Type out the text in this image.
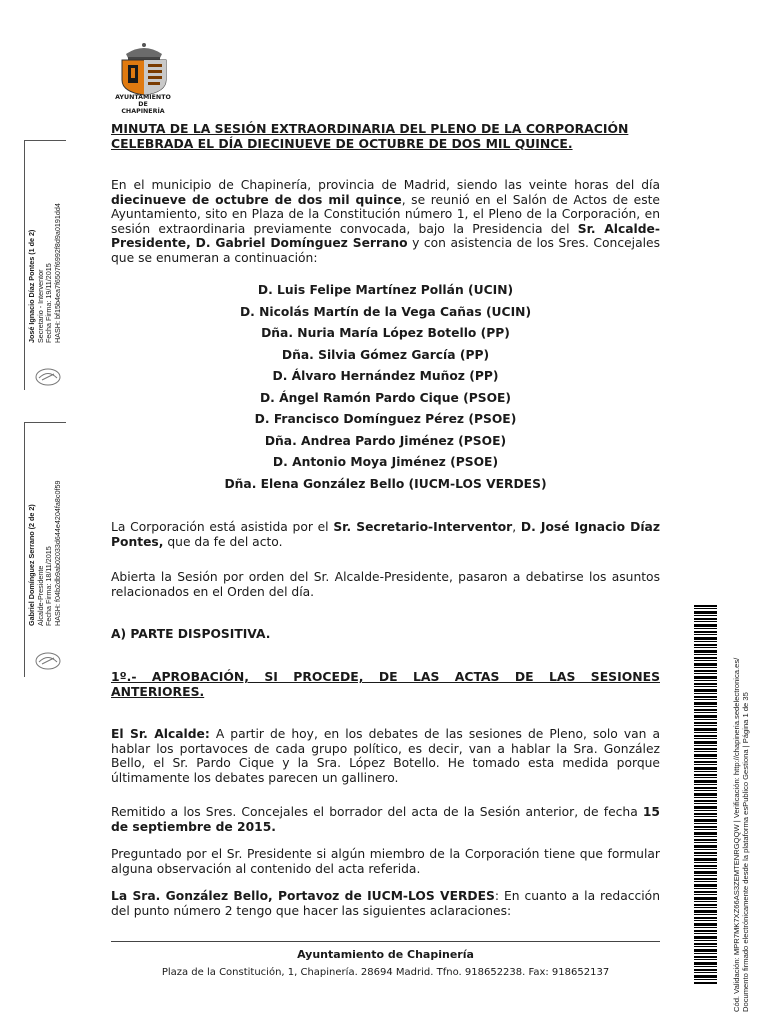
AYUNTAMIENTO
DE
CHAPINERÍA
José Ignacio Díaz Pontes (1 de 2) Secretario - Interventor Fecha Firma: 19/11/2015 HASH: bf15b4ea7f6507f6992f8d9a0191dd4
Gabriel Domínguez Serrano (2 de 2) Alcalde-Presidente Fecha Firma: 18/11/2015 HASH: f04b2db9ab02033d644e4204fa8c0f59

MINUTA DE LA SESIÓN EXTRAORDINARIA DEL PLENO DE LA CORPORACIÓN

CELEBRADA EL DÍA DIECINUEVE DE OCTUBRE DE DOS MIL QUINCE.

En el municipio de Chapinería, provincia de Madrid, siendo las veinte horas del día diecinueve de octubre de dos mil quince, se reunió en el Salón de Actos de este Ayuntamiento, sito en Plaza de la Constitución número 1, el Pleno de la Corporación, en sesión extraordinaria previamente convocada, bajo la Presidencia del Sr. Alcalde-Presidente, D. Gabriel Domínguez Serrano y con asistencia de los Sres. Concejales que se enumeran a continuación:

D. Luis Felipe Martínez Pollán (UCIN)
D. Nicolás Martín de la Vega Cañas (UCIN)
Dña. Nuria María López Botello (PP)
Dña. Silvia Gómez García (PP)
D. Álvaro Hernández Muñoz (PP)
D. Ángel Ramón Pardo Cique (PSOE)
D. Francisco Domínguez Pérez (PSOE)
Dña. Andrea Pardo Jiménez (PSOE)
D. Antonio Moya Jiménez (PSOE)
Dña. Elena González Bello (IUCM-LOS VERDES)

La Corporación está asistida por el Sr. Secretario-Interventor, D. José Ignacio Díaz Pontes, que da fe del acto.

Abierta la Sesión por orden del Sr. Alcalde-Presidente, pasaron a debatirse los asuntos relacionados en el Orden del día.

A) PARTE DISPOSITIVA.

1º.- APROBACIÓN, SI PROCEDE, DE LAS ACTAS DE LAS SESIONES

ANTERIORES.

El Sr. Alcalde: A partir de hoy, en los debates de las sesiones de Pleno, solo van a hablar los portavoces de cada grupo político, es decir, van a hablar la Sra. González Bello, el Sr. Pardo Cique y la Sra. López Botello. He tomado esta medida porque últimamente los debates parecen un gallinero.

Remitido a los Sres. Concejales el borrador del acta de la Sesión anterior, de fecha 15 de septiembre de 2015.

Preguntado por el Sr. Presidente si algún miembro de la Corporación tiene que formular alguna observación al contenido del acta referida.

La Sra. González Bello, Portavoz de IUCM-LOS VERDES: En cuanto a la redacción del punto número 2 tengo que hacer las siguientes aclaraciones:

Ayuntamiento de Chapinería
Plaza de la Constitución, 1, Chapinería. 28694 Madrid. Tfno. 918652238. Fax: 918652137	Cód. Validación: MPR7MK7XZ66AS3ZEMTENRGQQW | Verificación: http://chapineria.sedelectronica.es/ Documento firmado electrónicamente desde la plataforma esPublico Gestiona | Página 1 de 35
